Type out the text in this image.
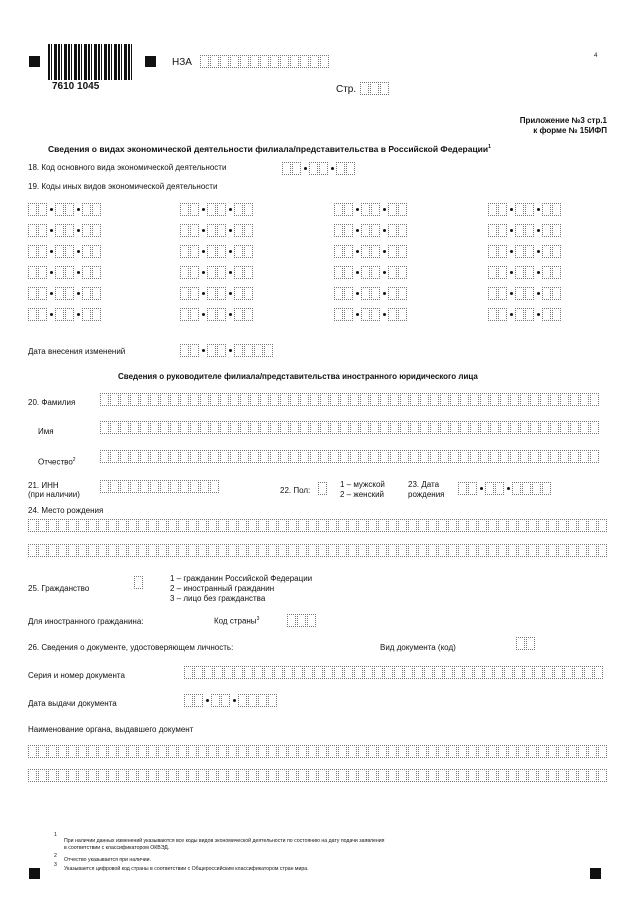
7610 1045
4
НЗА
Стр.
Приложение №3 стр.1
к форме № 15ИФП
Сведения о видах экономической деятельности филиала/представительства в Российской Федерации$^1$
18. Код основного вида экономической деятельности
19. Коды иных видов экономической деятельности
Дата внесения изменений
Сведения о руководителе филиала/представительства иностранного юридического лица
20. Фамилия
Имя
Отчество$^2$
21. ИНН
(при наличии)	22. Пол:
1 – мужской
2 – женский
23. Дата
рождения
24. Место рождения
25. Гражданство
1 – гражданин Российской Федерации
2 – иностранный гражданин
3 – лицо без гражданства
Для иностранного гражданина:	Код страны$^3$
26. Сведения о документе, удостоверяющем личность:	Вид документа (код)
Серия и номер документа
Дата выдачи документа
Наименование органа, выдавшего документ
1
При наличии данных изменений указываются все коды видов экономической деятельности по состоянию на дату подачи заявления
в соответствии с классификатором ОКВЭД.
2
Отчество указывается при наличии.
3
Указывается цифровой код страны в соответствии с Общероссийским классификатором стран мира.
